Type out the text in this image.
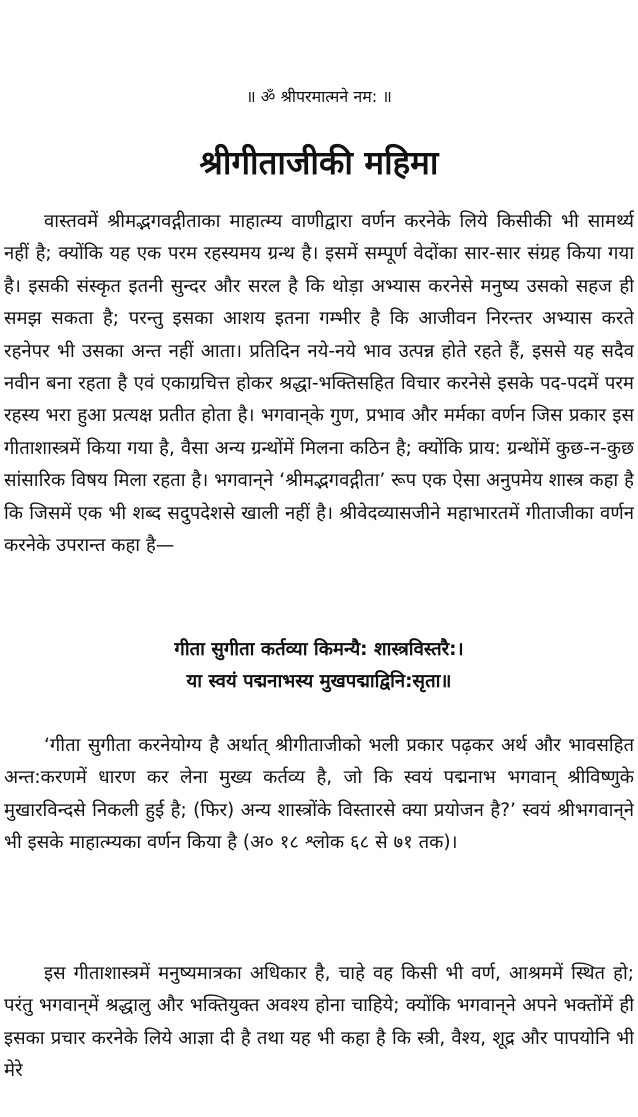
॥ ॐ श्रीपरमात्मने नम: ॥
श्रीगीताजीकी महिमा

वास्तवमें श्रीमद्भगवद्गीताका माहात्म्य वाणीद्वारा वर्णन करनेके लिये किसीकी भी सामर्थ्य नहीं है; क्योंकि यह एक परम रहस्यमय ग्रन्थ है। इसमें सम्पूर्ण वेदोंका सार-सार संग्रह किया गया है। इसकी संस्कृत इतनी सुन्दर और सरल है कि थोड़ा अभ्यास करनेसे मनुष्य उसको सहज ही समझ सकता है; परन्तु इसका आशय इतना गम्भीर है कि आजीवन निरन्तर अभ्यास करते रहनेपर भी उसका अन्त नहीं आता। प्रतिदिन नये-नये भाव उत्पन्न होते रहते हैं, इससे यह सदैव नवीन बना रहता है एवं एकाग्रचित्त होकर श्रद्धा-भक्तिसहित विचार करनेसे इसके पद-पदमें परम रहस्य भरा हुआ प्रत्यक्ष प्रतीत होता है। भगवान्‌के गुण, प्रभाव और मर्मका वर्णन जिस प्रकार इस गीताशास्त्रमें किया गया है, वैसा अन्य ग्रन्थोंमें मिलना कठिन है; क्योंकि प्राय: ग्रन्थोंमें कुछ-न-कुछ सांसारिक विषय मिला रहता है। भगवान्‌ने ‘श्रीमद्भगवद्गीता’ रूप एक ऐसा अनुपमेय शास्त्र कहा है कि जिसमें एक भी शब्द सदुपदेशसे खाली नहीं है। श्रीवेदव्यासजीने महाभारतमें गीताजीका वर्णन करनेके उपरान्त कहा है—

गीता सुगीता कर्तव्या किमन्यै: शास्त्रविस्तरै:।
या स्वयं पद्मनाभस्य मुखपद्माद्विनि:सृता॥

‘गीता सुगीता करनेयोग्य है अर्थात् श्रीगीताजीको भली प्रकार पढ़कर अर्थ और भावसहित अन्त:करणमें धारण कर लेना मुख्य कर्तव्य है, जो कि स्वयं पद्मनाभ भगवान् श्रीविष्णुके मुखारविन्दसे निकली हुई है; (फिर) अन्य शास्त्रोंके विस्तारसे क्या प्रयोजन है?’ स्वयं श्रीभगवान्‌ने भी इसके माहात्म्यका वर्णन किया है (अ० १८ श्लोक ६८ से ७१ तक)।

इस गीताशास्त्रमें मनुष्यमात्रका अधिकार है, चाहे वह किसी भी वर्ण, आश्रममें स्थित हो; परंतु भगवान्‌में श्रद्धालु और भक्तियुक्त अवश्य होना चाहिये; क्योंकि भगवान्‌ने अपने भक्तोंमें ही इसका प्रचार करनेके लिये आज्ञा दी है तथा यह भी कहा है कि स्त्री, वैश्य, शूद्र और पापयोनि भी मेरे
